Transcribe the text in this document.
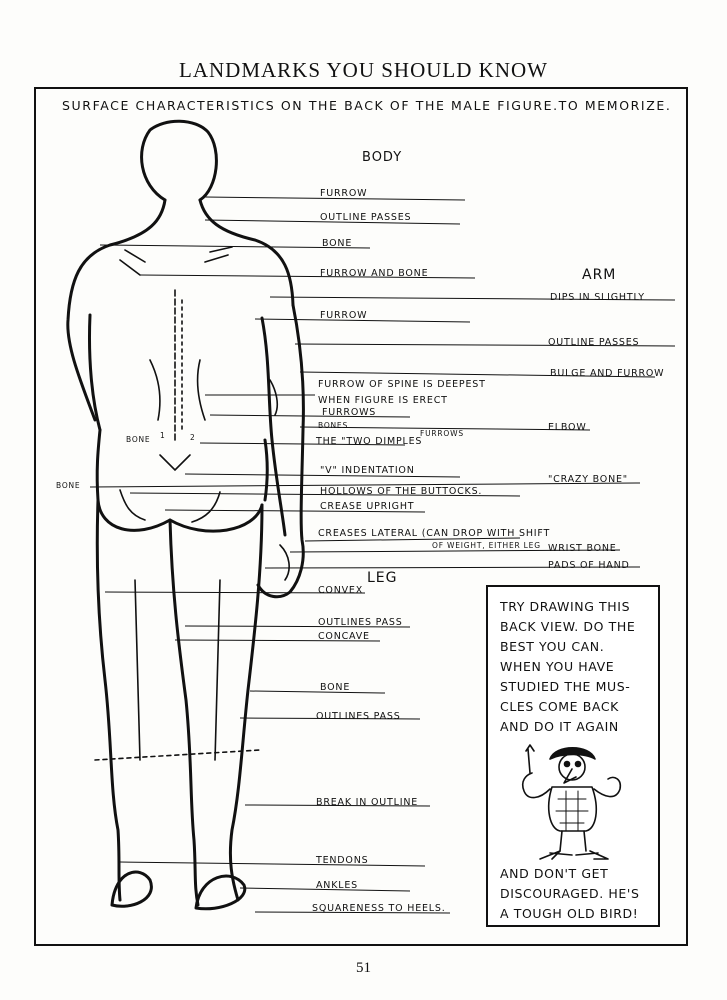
LANDMARKS YOU SHOULD KNOW
SURFACE CHARACTERISTICS ON THE BACK OF THE MALE FIGURE.TO MEMORIZE.
BODY
ARM
LEG
FURROW
OUTLINE PASSES
BONE
FURROW AND BONE
FURROW
FURROW OF SPINE IS DEEPEST
WHEN FIGURE IS ERECT
FURROWS
BONES
FURROWS
THE "TWO DIMPLES
BONE 1	2
"V" INDENTATION
BONE
HOLLOWS OF THE BUTTOCKS.
CREASE UPRIGHT
CREASES LATERAL (CAN DROP WITH SHIFT
OF WEIGHT, EITHER LEG
DIPS IN SLIGHTLY
OUTLINE PASSES
BULGE AND FURROW
ELBOW
"CRAZY BONE"
WRIST BONE
PADS OF HAND
CONVEX
OUTLINES PASS
CONCAVE
BONE
OUTLINES PASS
BREAK IN OUTLINE
TENDONS
ANKLES
SQUARENESS TO HEELS.
TRY DRAWING THIS
BACK VIEW. DO THE
BEST YOU CAN.
WHEN YOU HAVE
STUDIED THE MUS-
CLES COME BACK
AND DO IT AGAIN
AND DON'T GET
DISCOURAGED. HE'S
A TOUGH OLD BIRD!
51
